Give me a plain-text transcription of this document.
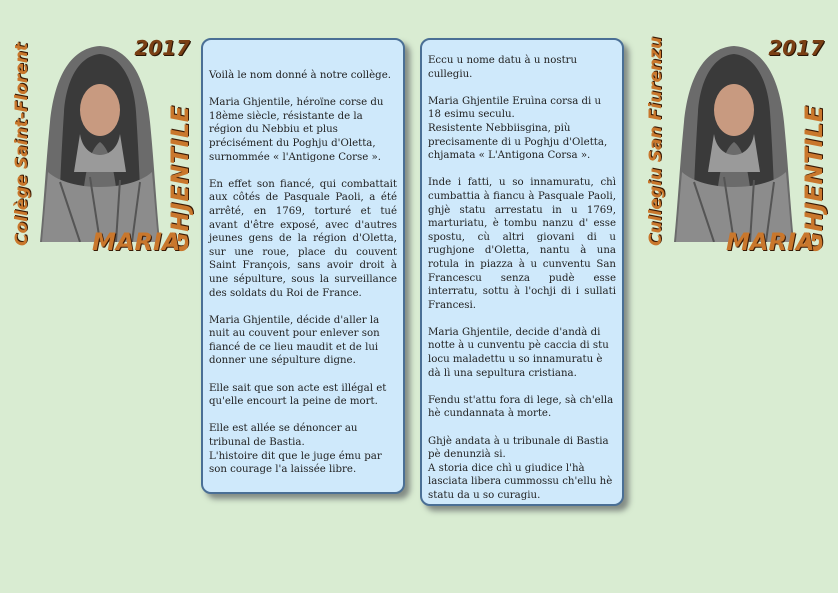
2017
Collège Saint-Florent	GHJENTILE
MARIA

Voilà le nom donné à notre collège.

Maria Ghjentile, héroïne corse du 18ème siècle, résistante de la région du Nebbiu et plus précisément du Poghju d'Oletta, surnommée « l'Antigone Corse ».

En effet son fiancé, qui combattait aux côtés de Pasquale Paoli, a été arrêté, en 1769, torturé et tué avant d'être exposé, avec d'autres jeunes gens de la région d'Oletta, sur une roue, place du couvent Saint François, sans avoir droit à une sépulture, sous la surveillance des soldats du Roi de France.

Maria Ghjentile, décide d'aller la nuit au couvent pour enlever son fiancé de ce lieu maudit et de lui donner une sépulture digne.

Elle sait que son acte est illégal et qu'elle encourt la peine de mort.

Elle est allée se dénoncer au tribunal de Bastia.
L'histoire dit que le juge ému par son courage l'a laissée libre.

Eccu u nome datu à u nostru cullegiu.

Maria Ghjentile Eruìna corsa di u 18 esimu seculu.
Resistente Nebbiisgina, più precisamente di u Poghju d'Oletta, chjamata « L'Antigona Corsa ».

Inde i fatti, u so innamuratu, chì cumbattia à fiancu à Pasquale Paoli, ghjè statu arrestatu in u 1769, marturiatu, è tombu nanzu d' esse spostu, cù altri giovani di u rughjone d'Oletta, nantu à una rotula in piazza à u cunventu San Francescu senza pudè esse interratu, sottu à l'ochji di i sullati Francesi.

Maria Ghjentile, decide d'andà di notte à u cunventu pè caccia di stu locu maladettu u so innamuratu è dà lì una sepultura cristiana.

Fendu st'attu fora di lege, sà ch'ella hè cundannata à morte.

Ghjè andata à u tribunale di Bastia pè denunzià si.
A storia dice chì u giudice l'hà lasciata libera cummossu ch'ellu hè statu da u so curagiu.

2017
Cullegiu San Fiurenzu	GHJENTILE
MARIA
